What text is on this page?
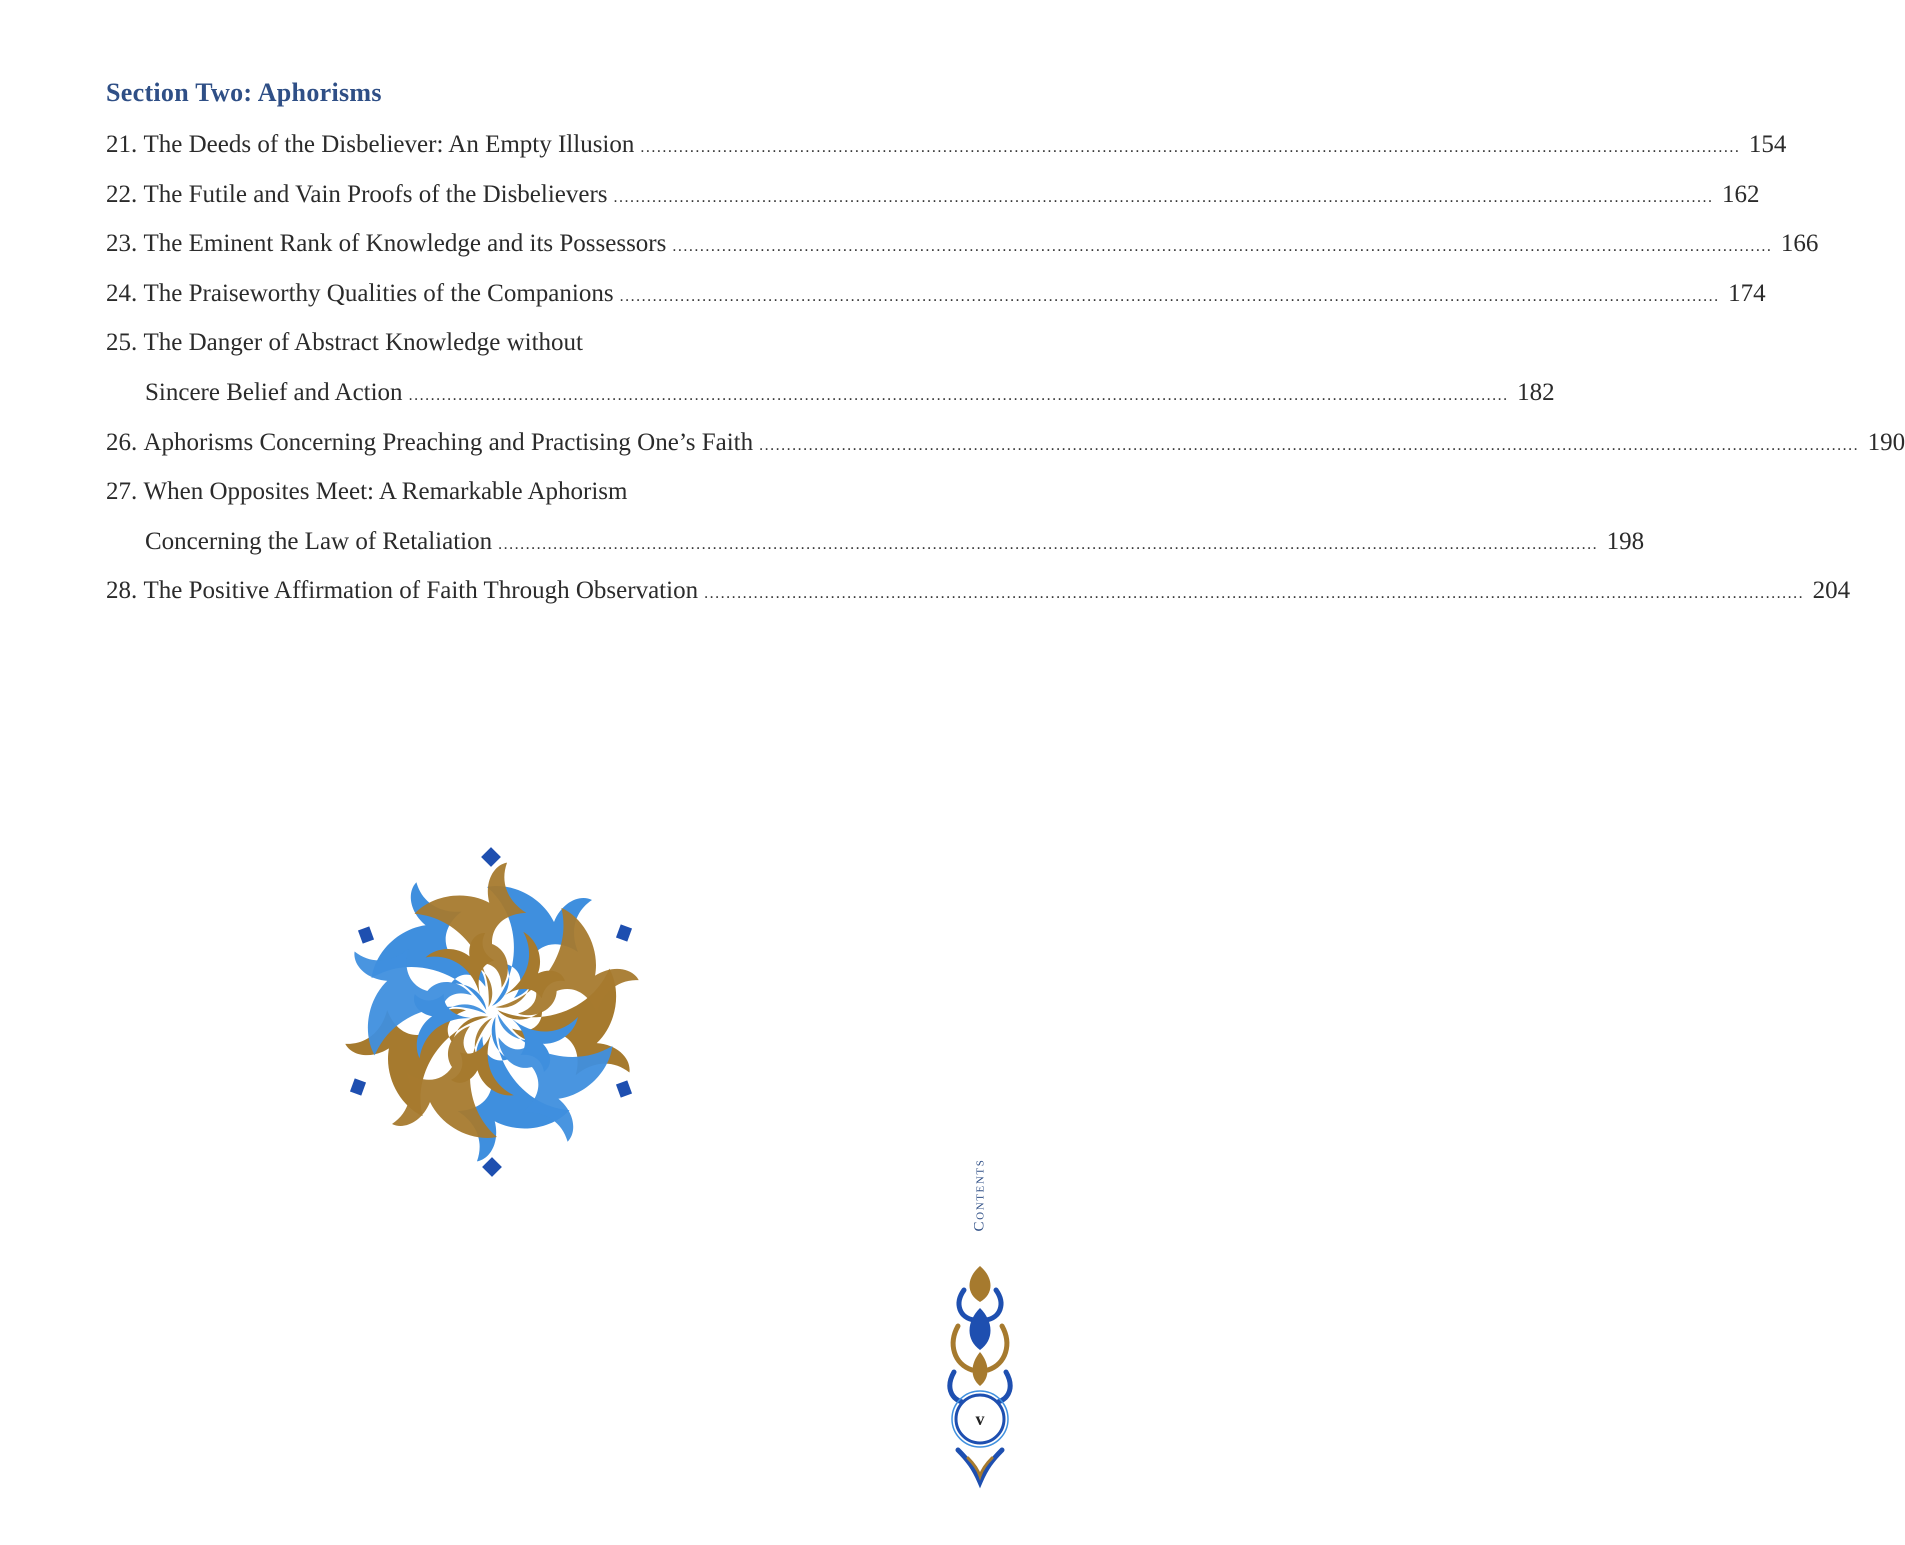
Section Two: Aphorisms
21. The Deeds of the Disbeliever: An Empty Illusion ........................................................................................................................................................................................................ 154
22. The Futile and Vain Proofs of the Disbelievers ........................................................................................................................................................................................................ 162
23. The Eminent Rank of Knowledge and its Possessors ........................................................................................................................................................................................................ 166
24. The Praiseworthy Qualities of the Companions ........................................................................................................................................................................................................ 174
25. The Danger of Abstract Knowledge without
Sincere Belief and Action ........................................................................................................................................................................................................ 182
26. Aphorisms Concerning Preaching and Practising One’s Faith ........................................................................................................................................................................................................ 190
27. When Opposites Meet: A Remarkable Aphorism
Concerning the Law of Retaliation ........................................................................................................................................................................................................ 198
28. The Positive Affirmation of Faith Through Observation ........................................................................................................................................................................................................ 204
Contents
v
